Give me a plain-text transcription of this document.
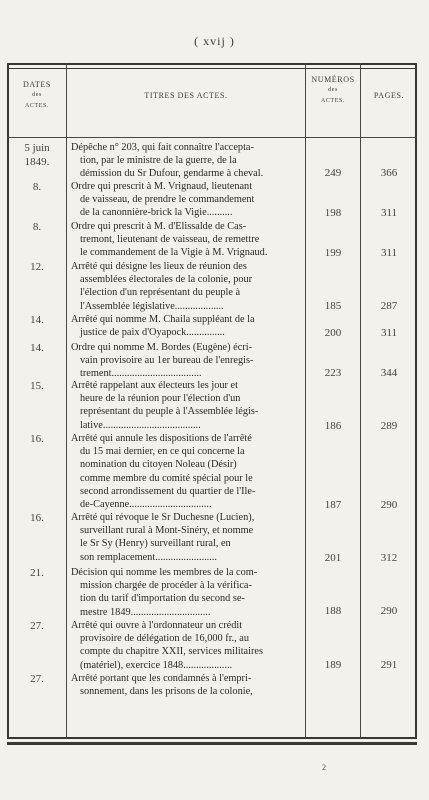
( xvij )
DATES
des
ACTES.
TITRES DES ACTES.
NUMÉROS
des
ACTES.
PAGES.
5 juin
1849.
Dépêche n° 203, qui fait connaître l'accepta-
tion, par le ministre de la guerre, de la
démission du Sr Dufour, gendarme à cheval.	249	366
8.	Ordre qui prescrit à M. Vrignaud, lieutenant
de vaisseau, de prendre le commandement
de la canonnière-brick la Vigie..........	198	311
8.	Ordre qui prescrit à M. d'Elissalde de Cas-
tremont, lieutenant de vaisseau, de remettre
le commandement de la Vigie à M. Vrignaud.	199	311
12.	Arrêté qui désigne les lieux de réunion des
assemblées électorales de la colonie, pour
l'élection d'un représentant du peuple à
l'Assemblée législative...................	185	287
14.	Arrêté qui nomme M. Chaila suppléant de la
justice de paix d'Oyapock...............	200	311
14.	Ordre qui nomme M. Bordes (Eugène) écri-
vain provisoire au 1er bureau de l'enregis-
trement...................................	223	344
15.	Arrêté rappelant aux électeurs les jour et
heure de la réunion pour l'élection d'un
représentant du peuple à l'Assemblée légis-
lative......................................	186	289
16.	Arrêté qui annule les dispositions de l'arrêté
du 15 mai dernier, en ce qui concerne la
nomination du citoyen Noleau (Désir)
comme membre du comité spécial pour le
second arrondissement du quartier de l'Ile-
de-Cayenne................................	187	290
16.	Arrêté qui révoque le Sr Duchesne (Lucien),
surveillant rural à Mont-Sinéry, et nomme
le Sr Sy (Henry) surveillant rural, en
son remplacement........................	201	312
21.	Décision qui nomme les membres de la com-
mission chargée de procéder à la vérifica-
tion du tarif d'importation du second se-
mestre 1849...............................	188	290
27.	Arrêté qui ouvre à l'ordonnateur un crédit
provisoire de délégation de 16,000 fr., au
compte du chapitre XXII, services militaires
(matériel), exercice 1848...................	189	291
27.	Arrêté portant que les condamnés à l'empri-
sonnement, dans les prisons de la colonie,
2
